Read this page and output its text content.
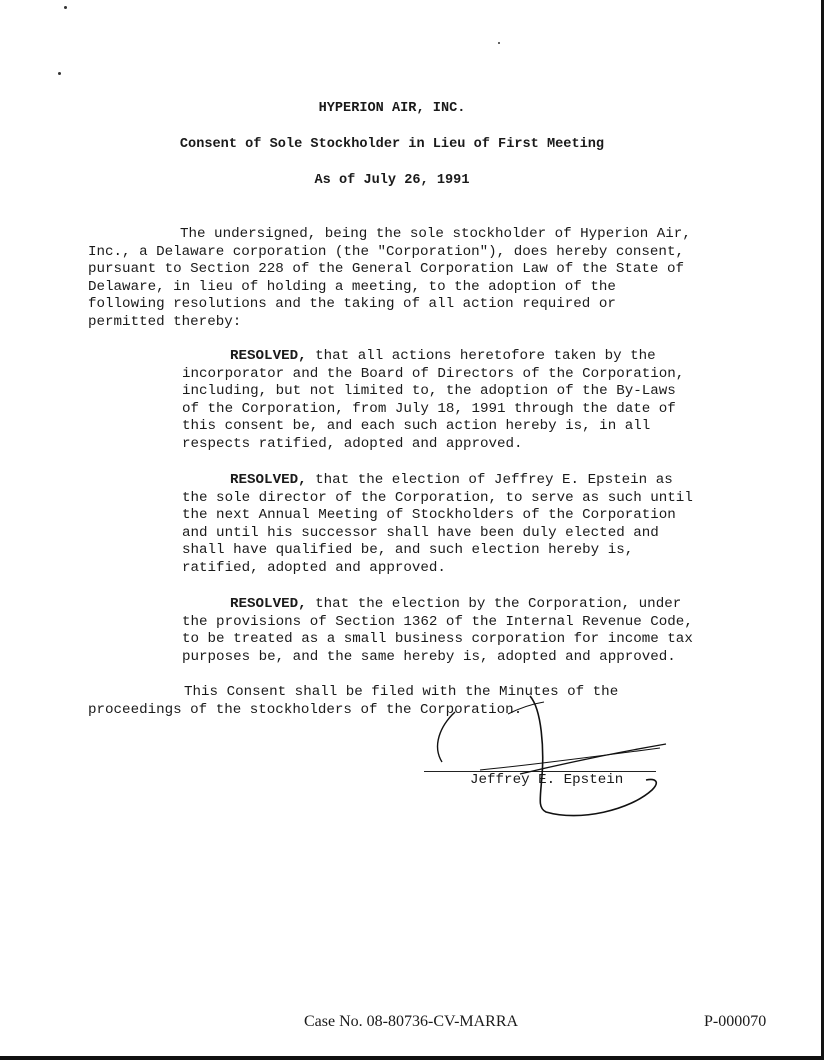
HYPERION AIR, INC.
Consent of Sole Stockholder in Lieu of First Meeting
As of July 26, 1991

The undersigned, being the sole stockholder of Hyperion Air,
Inc., a Delaware corporation (the "Corporation"), does hereby consent,
pursuant to Section 228 of the General Corporation Law of the State of
Delaware, in lieu of holding a meeting, to the adoption of the
following resolutions and the taking of all action required or
permitted thereby:

RESOLVED, that all actions heretofore taken by the
incorporator and the Board of Directors of the Corporation,
including, but not limited to, the adoption of the By-Laws
of the Corporation, from July 18, 1991 through the date of
this consent be, and each such action hereby is, in all
respects ratified, adopted and approved.

RESOLVED, that the election of Jeffrey E. Epstein as
the sole director of the Corporation, to serve as such until
the next Annual Meeting of Stockholders of the Corporation
and until his successor shall have been duly elected and
shall have qualified be, and such election hereby is,
ratified, adopted and approved.

RESOLVED, that the election by the Corporation, under
the provisions of Section 1362 of the Internal Revenue Code,
to be treated as a small business corporation for income tax
purposes be, and the same hereby is, adopted and approved.

This Consent shall be filed with the Minutes of the
proceedings of the stockholders of the Corporation.

Jeffrey E. Epstein
Case No. 08-80736-CV-MARRA	P-000070
